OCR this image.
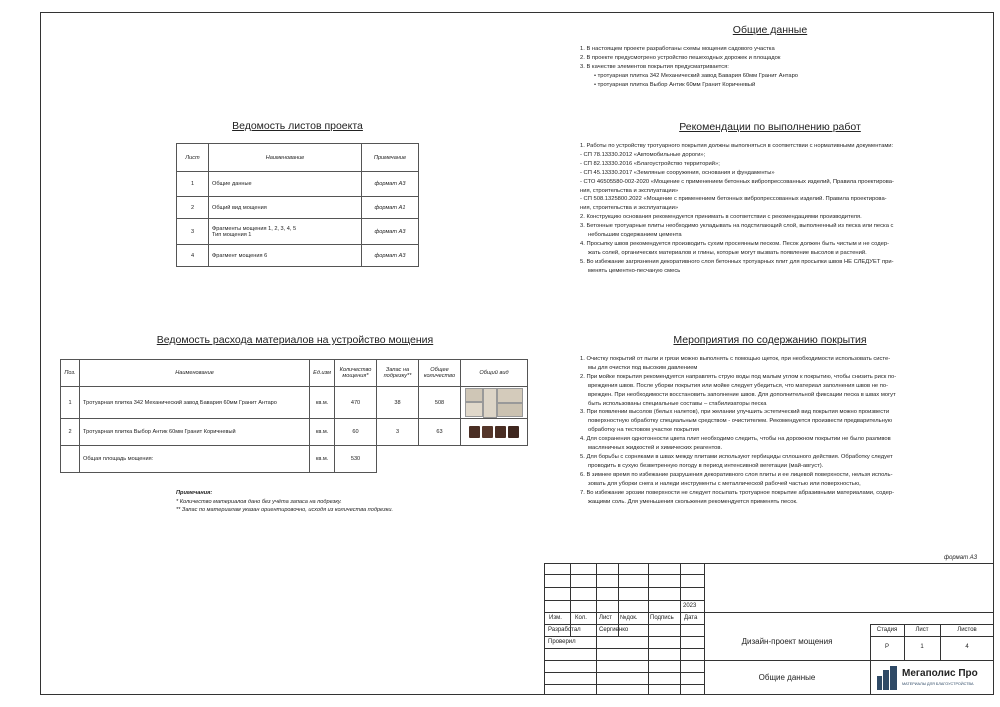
Общие данные

1. В настоящем проекте разработаны схемы мощения садового участка

2. В проекте предусмотрено устройство пешеходных дорожек и площадок

3. В качестве элементов покрытия предусматривается:

• тротуарная плитка 342 Механический завод Бавария 60мм Гранит Антаро

• тротуарная плитка Выбор Антик 60мм Гранит Коричневый

Ведомость листов проекта
Лист	Наименование	Примечание
1	Общие данные	формат А3
2	Общий вид мощения	формат А1
3	Фрагменты мощения 1, 2, 3, 4, 5
Тип мощения 1	формат А3
4	Фрагмент мощения 6	формат А3
Ведомость расхода материалов на устройство мощения
Поз.	Наименование	Ед.изм	Количество мощения*	Запас на подрезку**	Общее количество	Общий вид
1	Тротуарная плитка 342 Механический завод Бавария 60мм Гранит Антаро	кв.м.	470	38	508	

2	Тротуарная плитка Выбор Антик 60мм Гранит Коричневый	кв.м.	60	3	63	
	Общая площадь мощения:	кв.м.	530			
Примечания:
* Количество материалов дано без учёта запаса на подрезку.
** Запас по материалам указан ориентировочно, исходя из количества подрезки.
Рекомендации по выполнению работ

1. Работы по устройству тротуарного покрытия должны выполняться в соответствии с нормативными документами:

- СП 78.13330.2012 «Автомобильные дороги»;

- СП 82.13330.2016 «Благоустройство территорий»;

- СП 45.13330.2017 «Земляные сооружения, основания и фундаменты»

- СТО 46505580-002-2020 «Мощение с применением бетонных вибропрессованных изделий, Правила проектирова-

ния, строительства и эксплуатации»

- СП 508.1325800.2022 «Мощение с применением бетонных вибропрессованных изделий. Правила проектирова-

ния, строительства и эксплуатации»

2. Конструкцию основания рекомендуется принимать в соответствии с рекомендациями производителя.

3. Бетонные тротуарные плиты необходимо укладывать на подстилающий слой, выполненный из песка или песка с

небольшим содержанием цемента

4. Просыпку швов рекомендуется производить сухим просеянным песком. Песок должен быть чистым и не содер-

жать солей, органических материалов и глины, которые могут вызвать появление высолов и растений.

5. Во избежание загрязнения декоративного слоя бетонных тротуарных плит для просыпки швов НЕ СЛЕДУЕТ при-

менять цементно-песчаную смесь

Мероприятия по содержанию покрытия

1. Очистку покрытий от пыли и грязи можно выполнять с помощью щеток, при необходимости использовать систе-

мы для очистки под высоким давлением

2. При мойке покрытия рекомендуется направлять струю воды под малым углом к покрытию, чтобы снизить риск по-

вреждения швов. После уборки покрытия или мойке следует убедиться, что материал заполнения швов не по-

врежден. При необходимости восстановить заполнение швов. Для дополнительной фиксации песка в швах могут

быть использованы специальные составы – стабилизаторы песка

3. При появлении высолов (белых налетов), при желании улучшить эстетический вид покрытия можно произвести

поверхностную обработку специальным средством - очистителем. Рекомендуется произвести предварительную

обработку на тестовом участке покрытия

4. Для сохранения однотонности цвета плит необходимо следить, чтобы на дорожном покрытии не было разливов

масляничных жидкостей и химических реагентов.

5. Для борьбы с сорняками в швах между плитами используют гербициды сплошного действия. Обработку следует

проводить в сухую безветренную погоду в период интенсивной вегетации (май-август).

6. В зимнее время по избежание разрушения декоративного слоя плиты и ее лицевой поверхности, нельзя исполь-

зовать для уборки снега и наледи инструменты с металлической рабочей частью или поверхностью,

7. Во избежание эрозии поверхности не следует посыпать тротуарное покрытие абразивными материалами, содер-

жащими соль. Для уменьшения скольжения рекомендуется применять песок.

формат А3
2023
Изм. Кол. Лист №док. Подпись Дата
Разработал	Сергиенко
Проверил	Дизайн-проект мощения
Общие данные
Стадия	Лист	Листов
Р	1	4
Мегаполис Про
МАТЕРИАЛЫ ДЛЯ БЛАГОУСТРОЙСТВА
